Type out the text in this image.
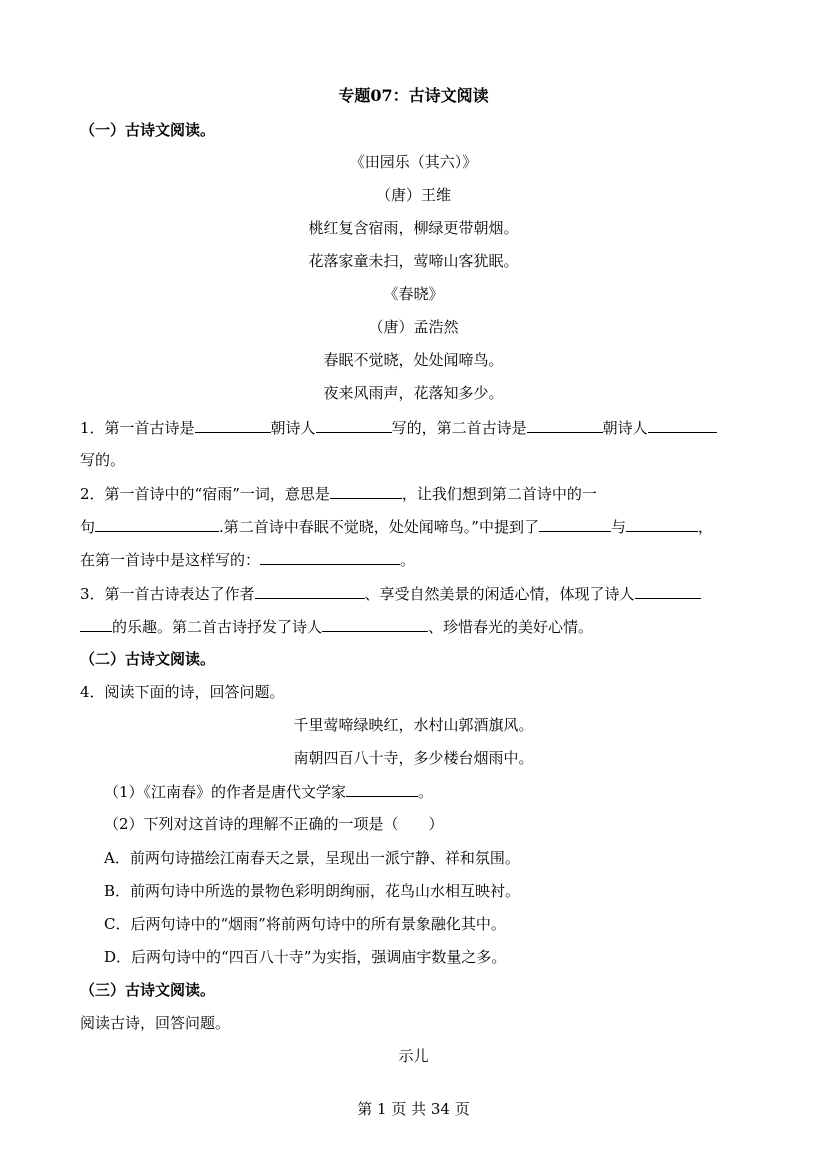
专题07：古诗文阅读
（一）古诗文阅读。
《田园乐（其六）》
（唐）王维
桃红复含宿雨，柳绿更带朝烟。
花落家童未扫，莺啼山客犹眠。
《春晓》
（唐）孟浩然
春眠不觉晓，处处闻啼鸟。
夜来风雨声，花落知多少。
1．第一首古诗是	朝诗人	写的，第二首古诗是	朝诗人
写的。
2．第一首诗中的“宿雨”一词，意思是	，让我们想到第二首诗中的一
句	.第二首诗中春眠不觉晓，处处闻啼鸟。”中提到了	与	，
在第一首诗中是这样写的：	。
3．第一首古诗表达了作者	、享受自然美景的闲适心情，体现了诗人
的乐趣。第二首古诗抒发了诗人	、珍惜春光的美好心情。
（二）古诗文阅读。
4．阅读下面的诗，回答问题。
千里莺啼绿映红，水村山郭酒旗风。
南朝四百八十寺，多少楼台烟雨中。
（1）《江南春》的作者是唐代文学家	。
（2）下列对这首诗的理解不正确的一项是（　　）
A．前两句诗描绘江南春天之景，呈现出一派宁静、祥和氛围。
B．前两句诗中所选的景物色彩明朗绚丽，花鸟山水相互映衬。
C．后两句诗中的“烟雨”将前两句诗中的所有景象融化其中。
D．后两句诗中的“四百八十寺”为实指，强调庙宇数量之多。
（三）古诗文阅读。
阅读古诗，回答问题。
示儿
第 1 页 共 34 页
